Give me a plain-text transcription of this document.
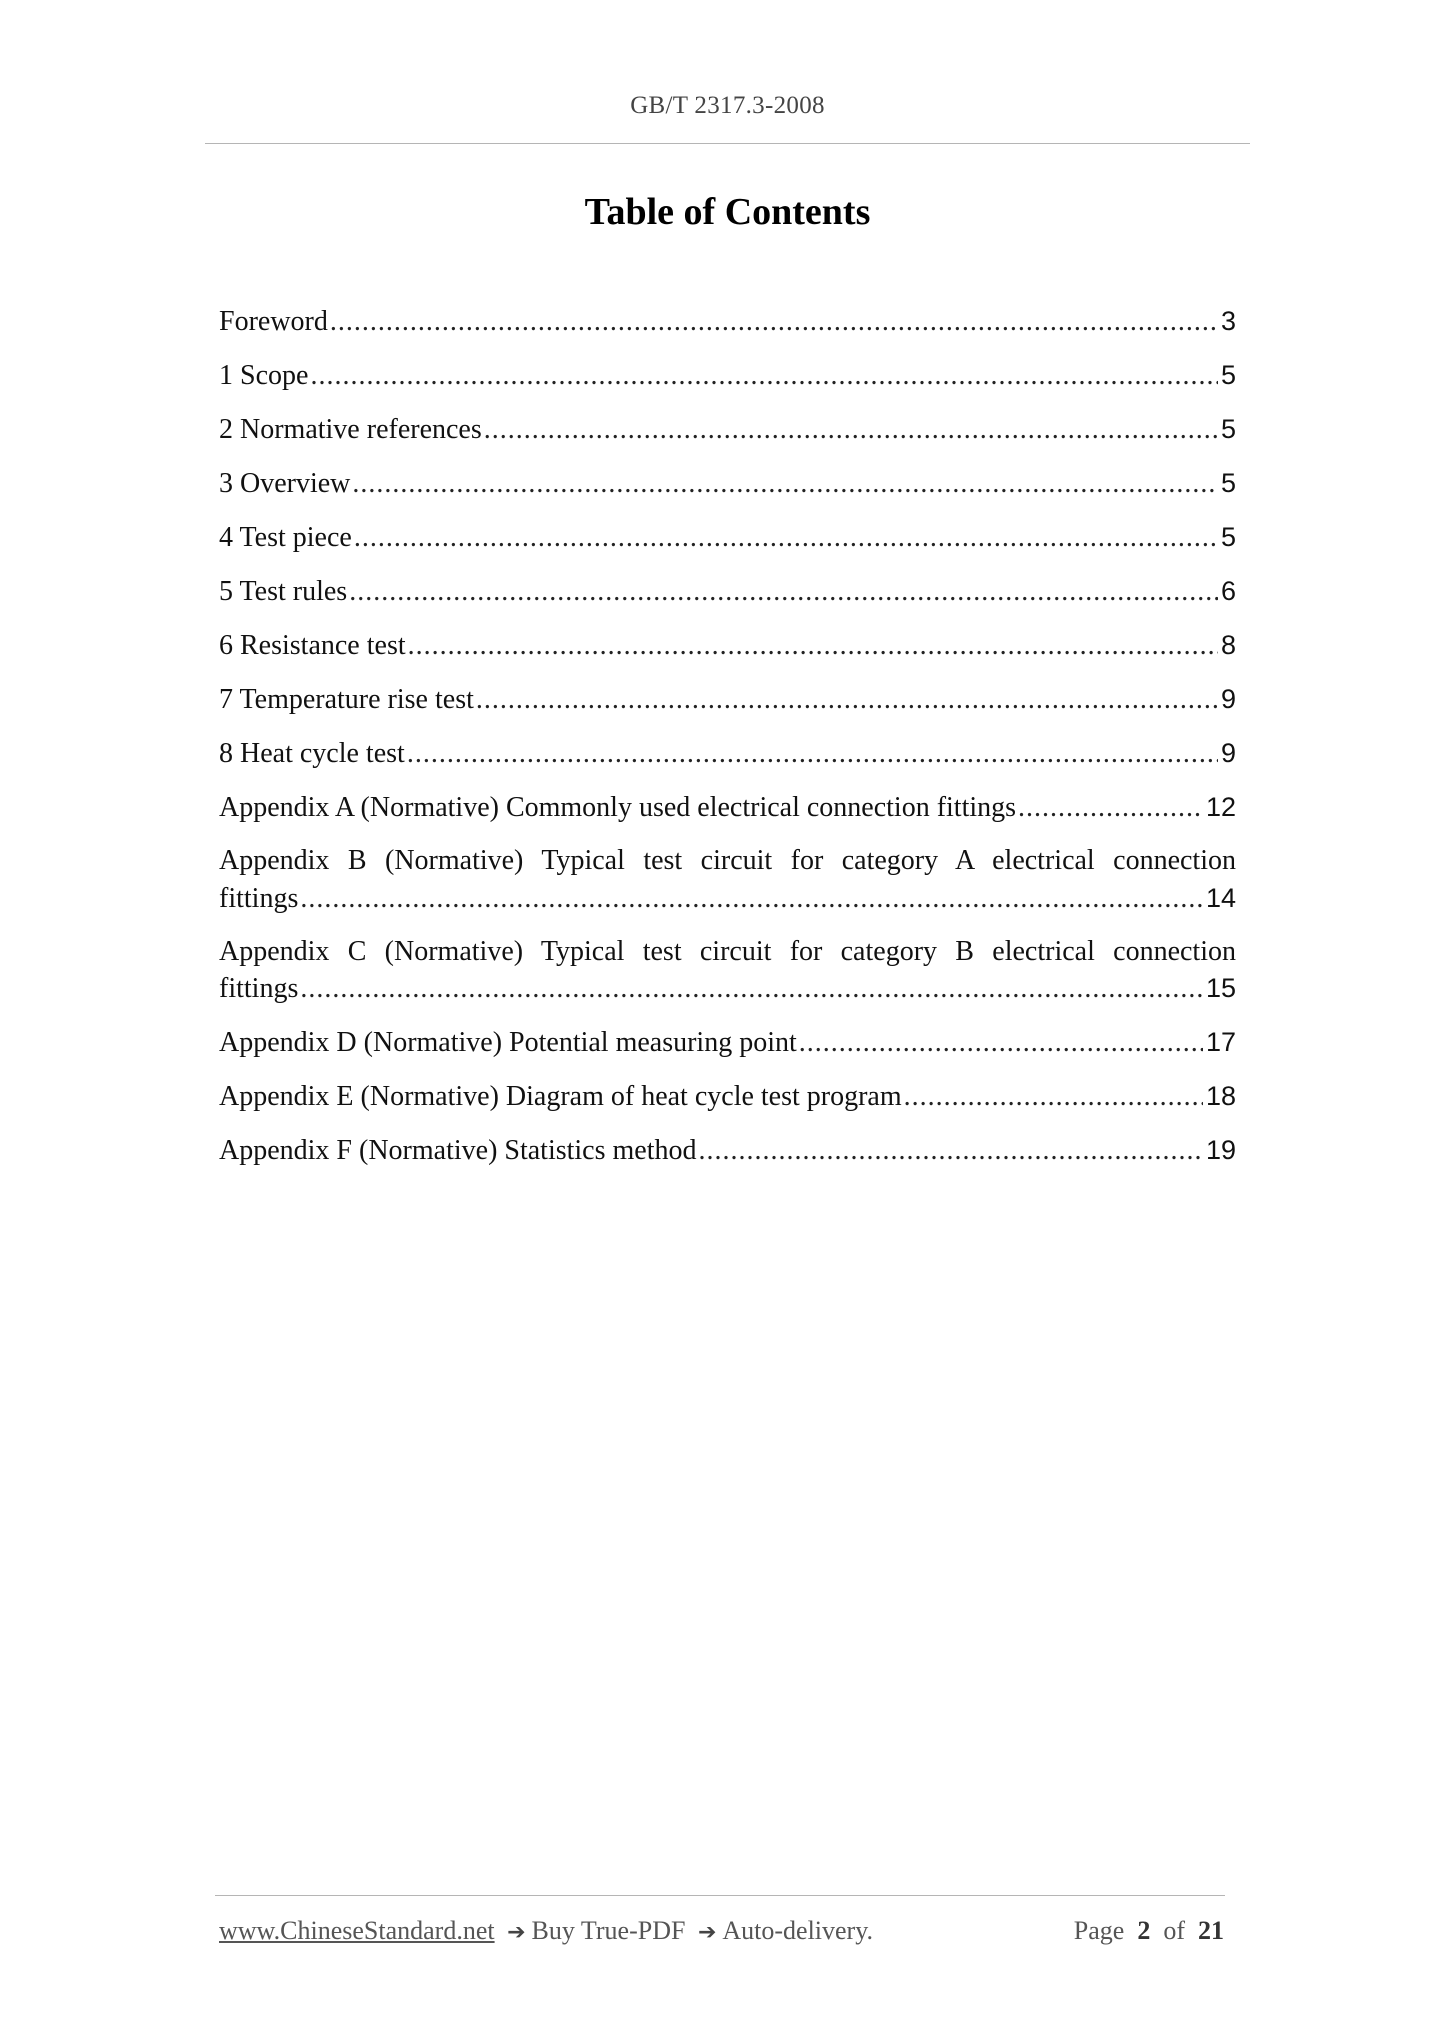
GB/T 2317.3-2008
Table of Contents
Foreword .....	3
1 Scope .....	5
2 Normative references .....	5
3 Overview .....	5
4 Test piece .....	5
5 Test rules .....	6
6 Resistance test .....	8
7 Temperature rise test .....	9
8 Heat cycle test .....	9
Appendix A (Normative) Commonly used electrical connection fittings .....	12
Appendix B (Normative) Typical test circuit for category A electrical connection
fittings .....	14
Appendix C (Normative) Typical test circuit for category B electrical connection
fittings .....	15
Appendix D (Normative) Potential measuring point .....	17
Appendix E (Normative) Diagram of heat cycle test program .....	18
Appendix F (Normative) Statistics method .....	19
www.ChineseStandard.net ➔ Buy True-PDF ➔ Auto-delivery.	Page 2 of 21
